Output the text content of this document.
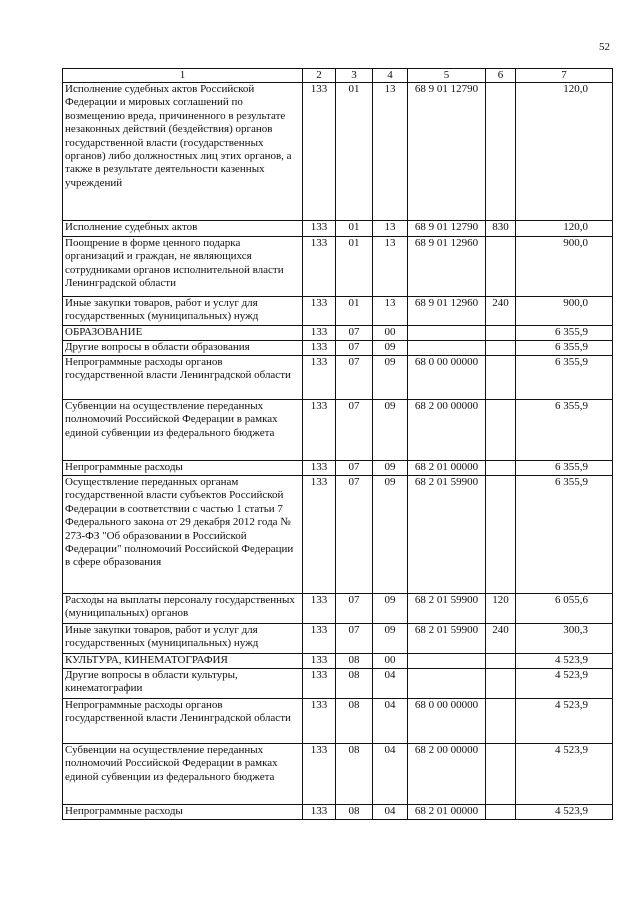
52
1	2	3	4	5	6	7
Исполнение судебных актов Российской Федерации и мировых соглашений по возмещению вреда, причиненного в результате незаконных действий (бездействия) органов государственной власти (государственных органов) либо должностных лиц этих органов, а также в результате деятельности казенных учреждений	133	01	13	68 9 01 12790		120,0
Исполнение судебных актов	133	01	13	68 9 01 12790	830	120,0
Поощрение в форме ценного подарка организаций и граждан, не являющихся сотрудниками органов исполнительной власти Ленинградской области	133	01	13	68 9 01 12960		900,0
Иные закупки товаров, работ и услуг для государственных (муниципальных) нужд	133	01	13	68 9 01 12960	240	900,0
ОБРАЗОВАНИЕ	133	07	00			6 355,9
Другие вопросы в области образования	133	07	09			6 355,9
Непрограммные расходы органов государственной власти Ленинградской области	133	07	09	68 0 00 00000		6 355,9
Субвенции на осуществление переданных полномочий Российской Федерации в рамках единой субвенции из федерального бюджета	133	07	09	68 2 00 00000		6 355,9
Непрограммные расходы	133	07	09	68 2 01 00000		6 355,9
Осуществление переданных органам государственной власти субъектов Российской Федерации в соответствии с частью 1 статьи 7 Федерального закона от 29 декабря 2012 года № 273-ФЗ "Об образовании в Российской Федерации" полномочий Российской Федерации в сфере образования	133	07	09	68 2 01 59900		6 355,9
Расходы на выплаты персоналу государственных (муниципальных) органов	133	07	09	68 2 01 59900	120	6 055,6
Иные закупки товаров, работ и услуг для государственных (муниципальных) нужд	133	07	09	68 2 01 59900	240	300,3
КУЛЬТУРА, КИНЕМАТОГРАФИЯ	133	08	00			4 523,9
Другие вопросы в области культуры, кинематографии	133	08	04			4 523,9
Непрограммные расходы органов государственной власти Ленинградской области	133	08	04	68 0 00 00000		4 523,9
Субвенции на осуществление переданных полномочий Российской Федерации в рамках единой субвенции из федерального бюджета	133	08	04	68 2 00 00000		4 523,9
Непрограммные расходы	133	08	04	68 2 01 00000		4 523,9
